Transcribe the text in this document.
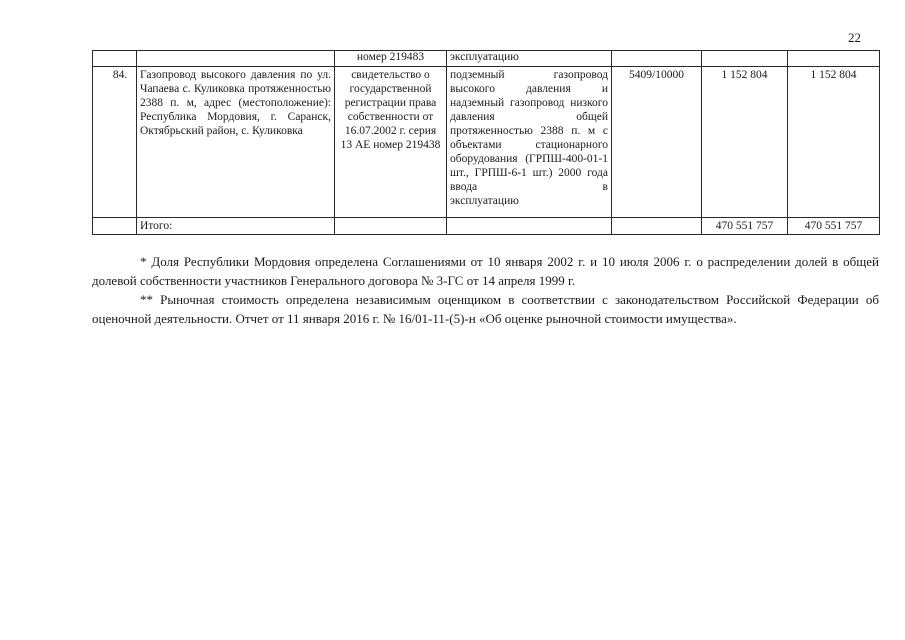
22
		номер 219483	эксплуатацию			
84.	Газопровод высокого давления по ул. Чапаева с. Куликовка протяженностью 2388 п. м, адрес (местоположение): Республика Мордовия, г. Саранск, Октябрьский район, с. Куликовка	свидетельство о государственной регистрации права собственности от 16.07.2002 г. серия 13 АЕ номер 219438	подземный газопровод высокого давления и надземный газопровод низкого давления общей протяженностью 2388 п. м с объектами стационарного оборудования (ГРПШ-400-01-1 шт., ГРПШ-6-1 шт.) 2000 года ввода в
эксплуатацию	5409/10000	1 152 804	1 152 804
	Итого:				470 551 757	470 551 757

* Доля Республики Мордовия определена Соглашениями от 10 января 2002 г. и 10 июля 2006 г. о распределении долей в общей долевой собственности участников Генерального договора № 3-ГС от 14 апреля 1999 г.

** Рыночная стоимость определена независимым оценщиком в соответствии с законодательством Российской Федерации об оценочной деятельности. Отчет от 11 января 2016 г. № 16/01-11-(5)-н «Об оценке рыночной стоимости имущества».
